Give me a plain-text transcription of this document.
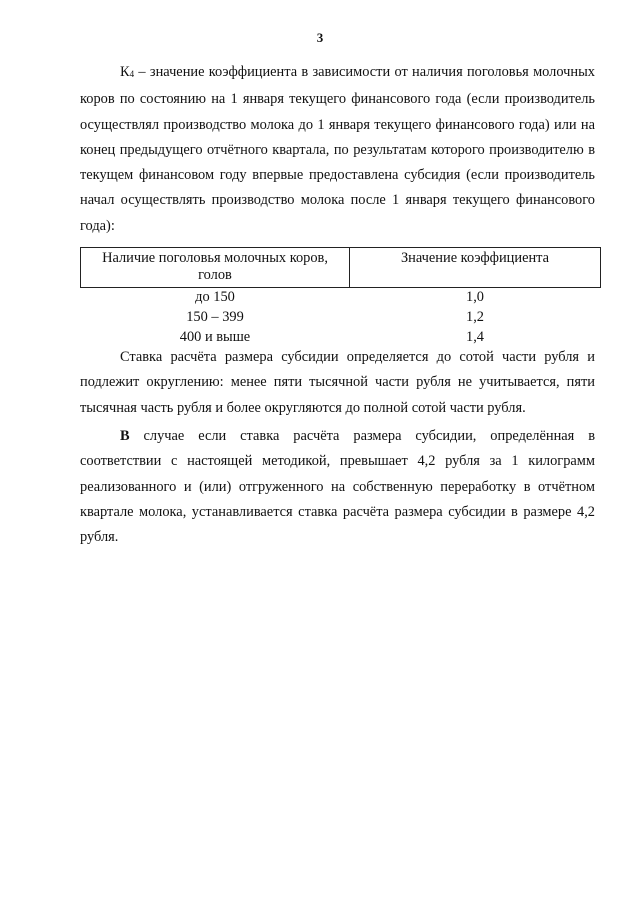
3

$К_4$ – значение коэффициента в зависимости от наличия поголовья молочных коров по состоянию на 1 января текущего финансового года (если производитель осуществлял производство молока до 1 января текущего финансового года) или на конец предыдущего отчётного квартала, по результатам которого производителю в текущем финансовом году впервые предоставлена субсидия (если производитель начал осуществлять производство молока после 1 января текущего финансового года):

Наличие поголовья молочных коров, голов	Значение коэффициента
до 150	1,0
150 – 399	1,2
400 и выше	1,4

Ставка расчёта размера субсидии определяется до сотой части рубля и подлежит округлению: менее пяти тысячной части рубля не учитывается, пяти тысячная часть рубля и более округляются до полной сотой части рубля.

В случае если ставка расчёта размера субсидии, определённая в соответствии с настоящей методикой, превышает 4,2 рубля за 1 килограмм реализованного и (или) отгруженного на собственную переработку в отчётном квартале молока, устанавливается ставка расчёта размера субсидии в размере 4,2 рубля.
